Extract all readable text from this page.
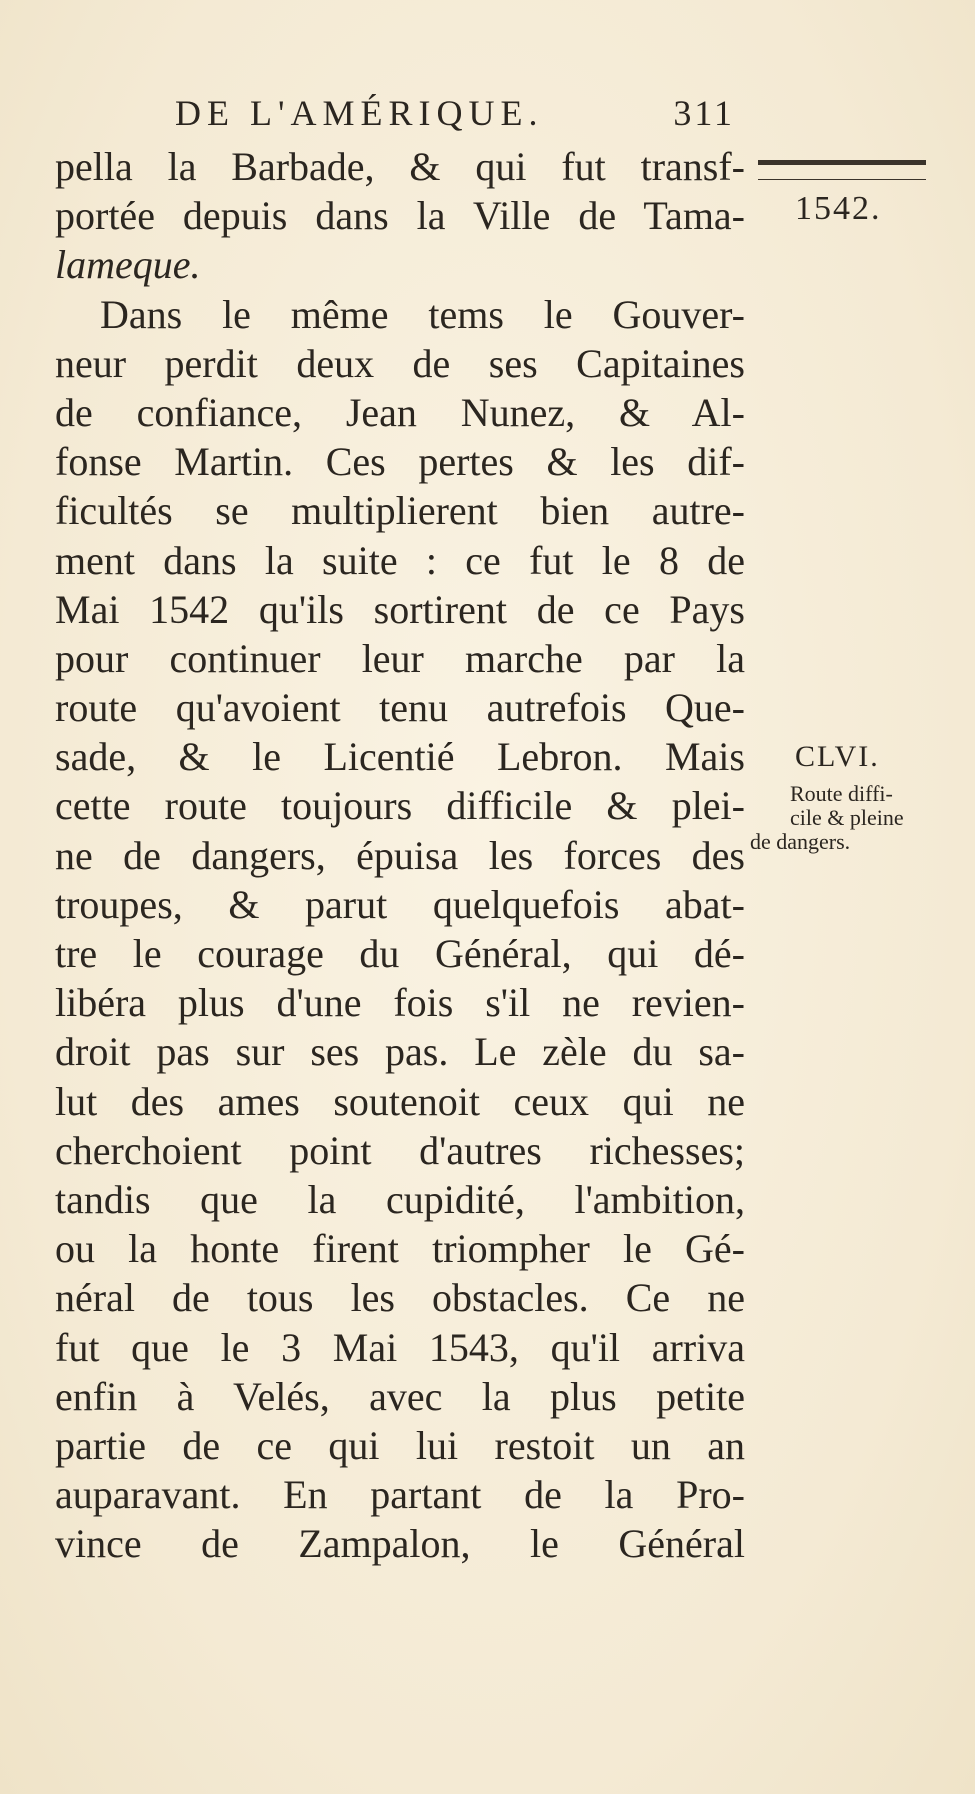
DE L'AMÉRIQUE.	311
1542.
CLVI.
Route diffi-
cile & pleine
de dangers.
pella la Barbade, & qui fut transf-
portée depuis dans la Ville de Tama-
lameque.
Dans le même tems le Gouver-
neur perdit deux de ses Capitaines
de confiance, Jean Nunez, & Al-
fonse Martin. Ces pertes & les dif-
ficultés se multiplierent bien autre-
ment dans la suite : ce fut le 8 de
Mai 1542 qu'ils sortirent de ce Pays
pour continuer leur marche par la
route qu'avoient tenu autrefois Que-
sade, & le Licentié Lebron. Mais
cette route toujours difficile & plei-
ne de dangers, épuisa les forces des
troupes, & parut quelquefois abat-
tre le courage du Général, qui dé-
libéra plus d'une fois s'il ne revien-
droit pas sur ses pas. Le zèle du sa-
lut des ames soutenoit ceux qui ne
cherchoient point d'autres richesses;
tandis que la cupidité, l'ambition,
ou la honte firent triompher le Gé-
néral de tous les obstacles. Ce ne
fut que le 3 Mai 1543, qu'il arriva
enfin à Velés, avec la plus petite
partie de ce qui lui restoit un an
auparavant. En partant de la Pro-
vince de Zampalon, le Général
